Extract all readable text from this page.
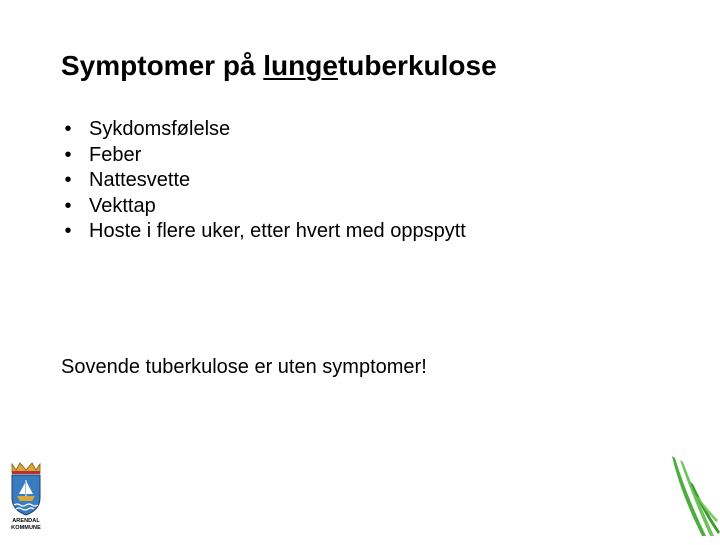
Symptomer på lungetuberkulose
• Sykdomsfølelse
• Feber
• Nattesvette
• Vekttap
• Hoste i flere uker, etter hvert med oppspytt
Sovende tuberkulose er uten symptomer!
ARENDAL
KOMMUNE
